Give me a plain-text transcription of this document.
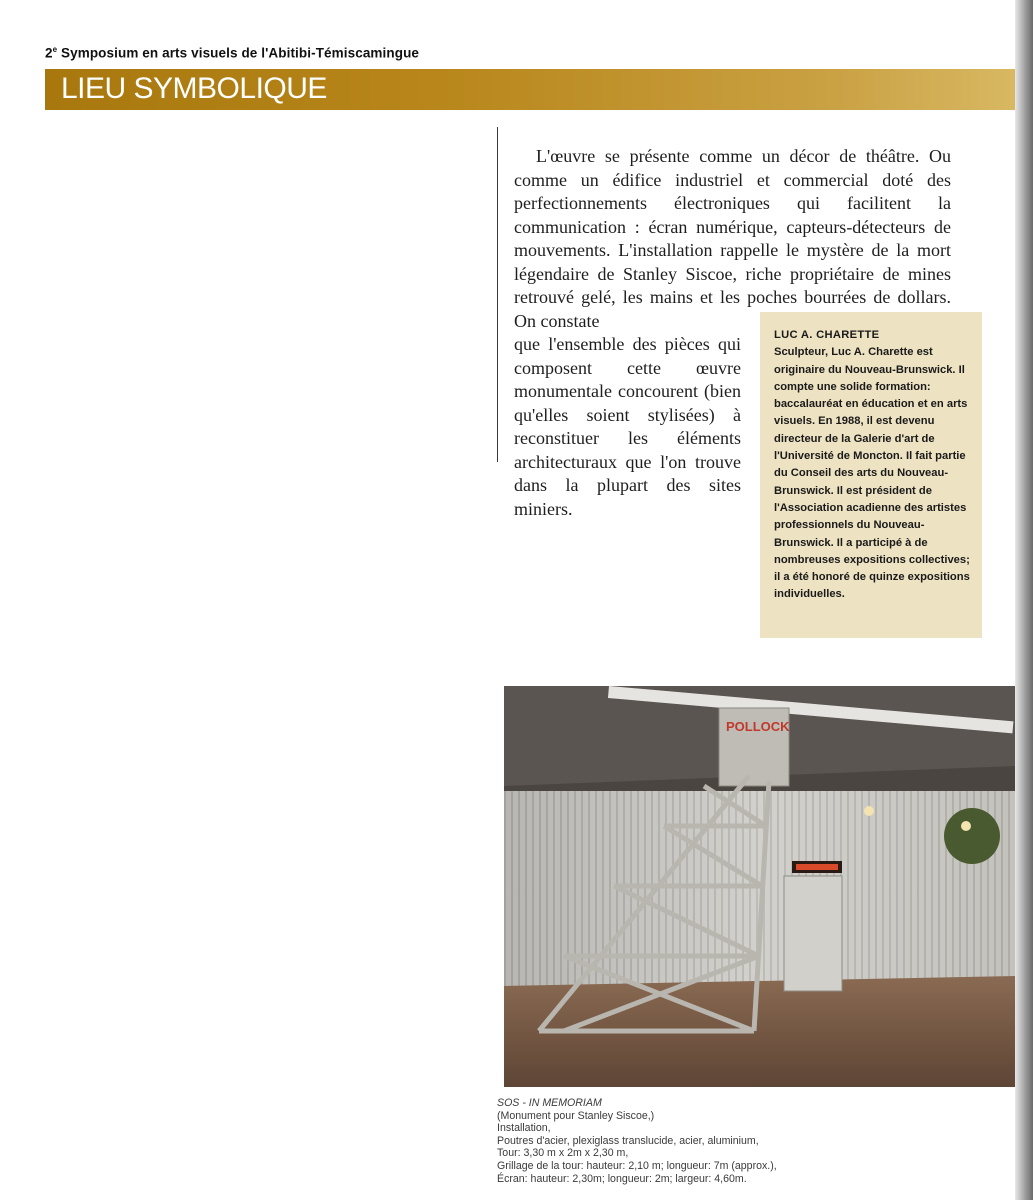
2e Symposium en arts visuels de l'Abitibi-Témiscamingue
LIEU SYMBOLIQUE

L'œuvre se présente comme un décor de théâtre. Ou comme un édifice industriel et commercial doté des perfectionnements électroniques qui facilitent la communication : écran numérique, capteurs-détecteurs de mouvements. L'installation rappelle le mystère de la mort légendaire de Stanley Siscoe, riche propriétaire de mines retrouvé gelé, les mains et les poches bourrées de dollars. On constate

que l'ensemble des pièces qui composent cette œuvre monumentale concourent (bien qu'elles soient stylisées) à reconstituer les éléments architecturaux que l'on trouve dans la plupart des sites miniers.

LUC A. CHARETTE

Sculpteur, Luc A. Charette est originaire du Nouveau-Brunswick. Il compte une solide formation: baccalauréat en éducation et en arts visuels. En 1988, il est devenu directeur de la Galerie d'art de l'Université de Moncton. Il fait partie du Conseil des arts du Nouveau-Brunswick. Il est président de l'Association acadienne des artistes professionnels du Nouveau-Brunswick. Il a participé à de nombreuses expositions collectives; il a été honoré de quinze expositions individuelles.

POLLOCK
SOS - IN MEMORIAM
(Monument pour Stanley Siscoe,)
Installation,
Poutres d'acier, plexiglass translucide, acier, aluminium,
Tour: 3,30 m x 2m x 2,30 m,
Grillage de la tour: hauteur: 2,10 m; longueur: 7m (approx.),
Écran: hauteur: 2,30m; longueur: 2m; largeur: 4,60m.
